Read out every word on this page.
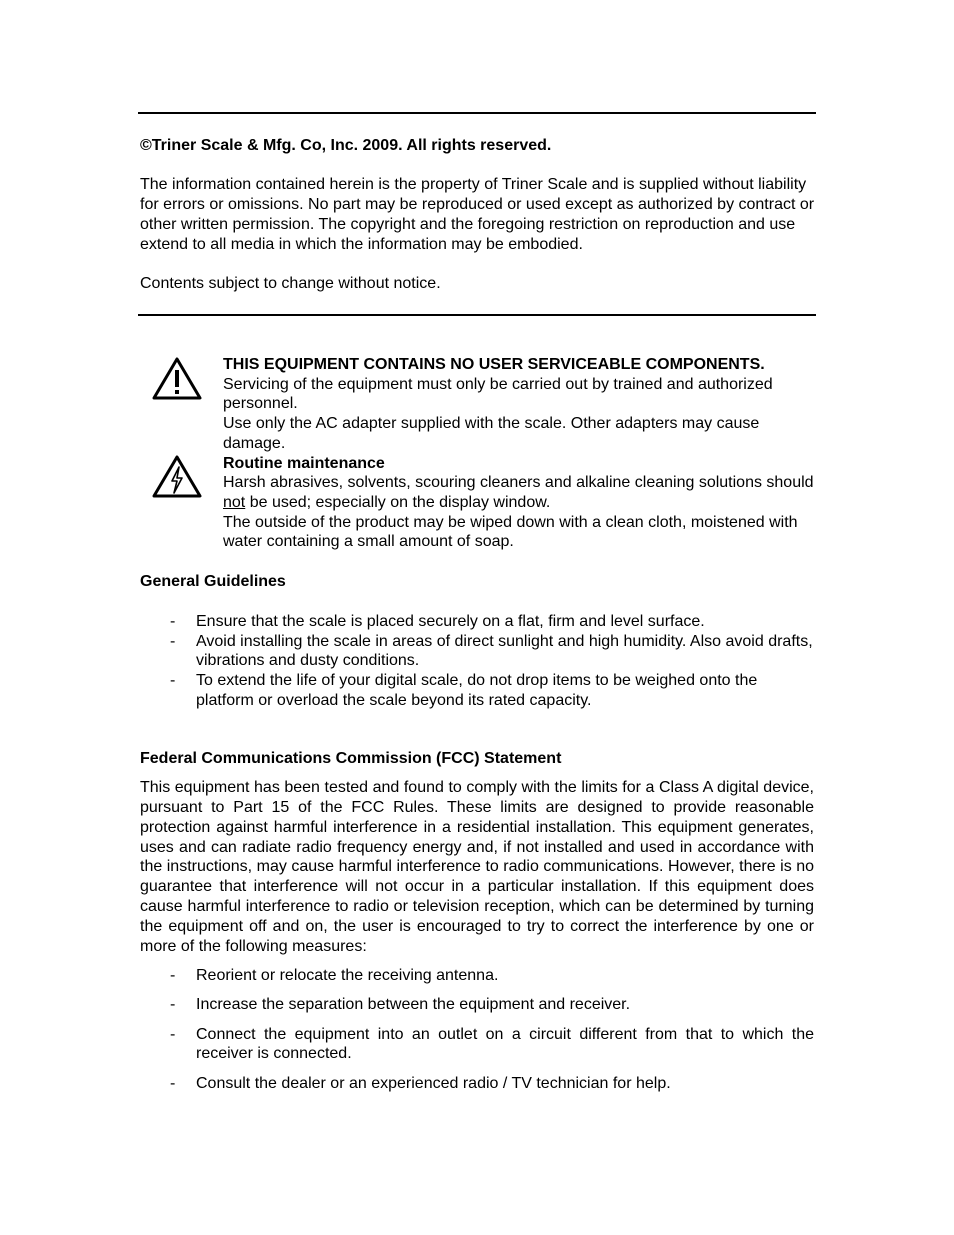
©Triner Scale & Mfg. Co, Inc. 2009. All rights reserved.

The information contained herein is the property of Triner Scale and is supplied without liability for errors or omissions. No part may be reproduced or used except as authorized by contract or other written permission. The copyright and the foregoing restriction on reproduction and use extend to all media in which the information may be embodied.

Contents subject to change without notice.

THIS EQUIPMENT CONTAINS NO USER SERVICEABLE COMPONENTS.

Servicing of the equipment must only be carried out by trained and authorized personnel.

Use only the AC adapter supplied with the scale. Other adapters may cause damage.

Routine maintenance

Harsh abrasives, solvents, scouring cleaners and alkaline cleaning solutions should not be used; especially on the display window.

The outside of the product may be wiped down with a clean cloth, moistened with water containing a small amount of soap.

General Guidelines

- Ensure that the scale is placed securely on a flat, firm and level surface.
- Avoid installing the scale in areas of direct sunlight and high humidity. Also avoid drafts, vibrations and dusty conditions.
- To extend the life of your digital scale, do not drop items to be weighed onto the platform or overload the scale beyond its rated capacity.

Federal Communications Commission (FCC) Statement

This equipment has been tested and found to comply with the limits for a Class A digital device, pursuant to Part 15 of the FCC Rules. These limits are designed to provide reasonable protection against harmful interference in a residential installation. This equipment generates, uses and can radiate radio frequency energy and, if not installed and used in accordance with the instructions, may cause harmful interference to radio communications. However, there is no guarantee that interference will not occur in a particular installation. If this equipment does cause harmful interference to radio or television reception, which can be determined by turning the equipment off and on, the user is encouraged to try to correct the interference by one or more of the following measures:

- Reorient or relocate the receiving antenna.
- Increase the separation between the equipment and receiver.
- Connect the equipment into an outlet on a circuit different from that to which the receiver is connected.
- Consult the dealer or an experienced radio / TV technician for help.
